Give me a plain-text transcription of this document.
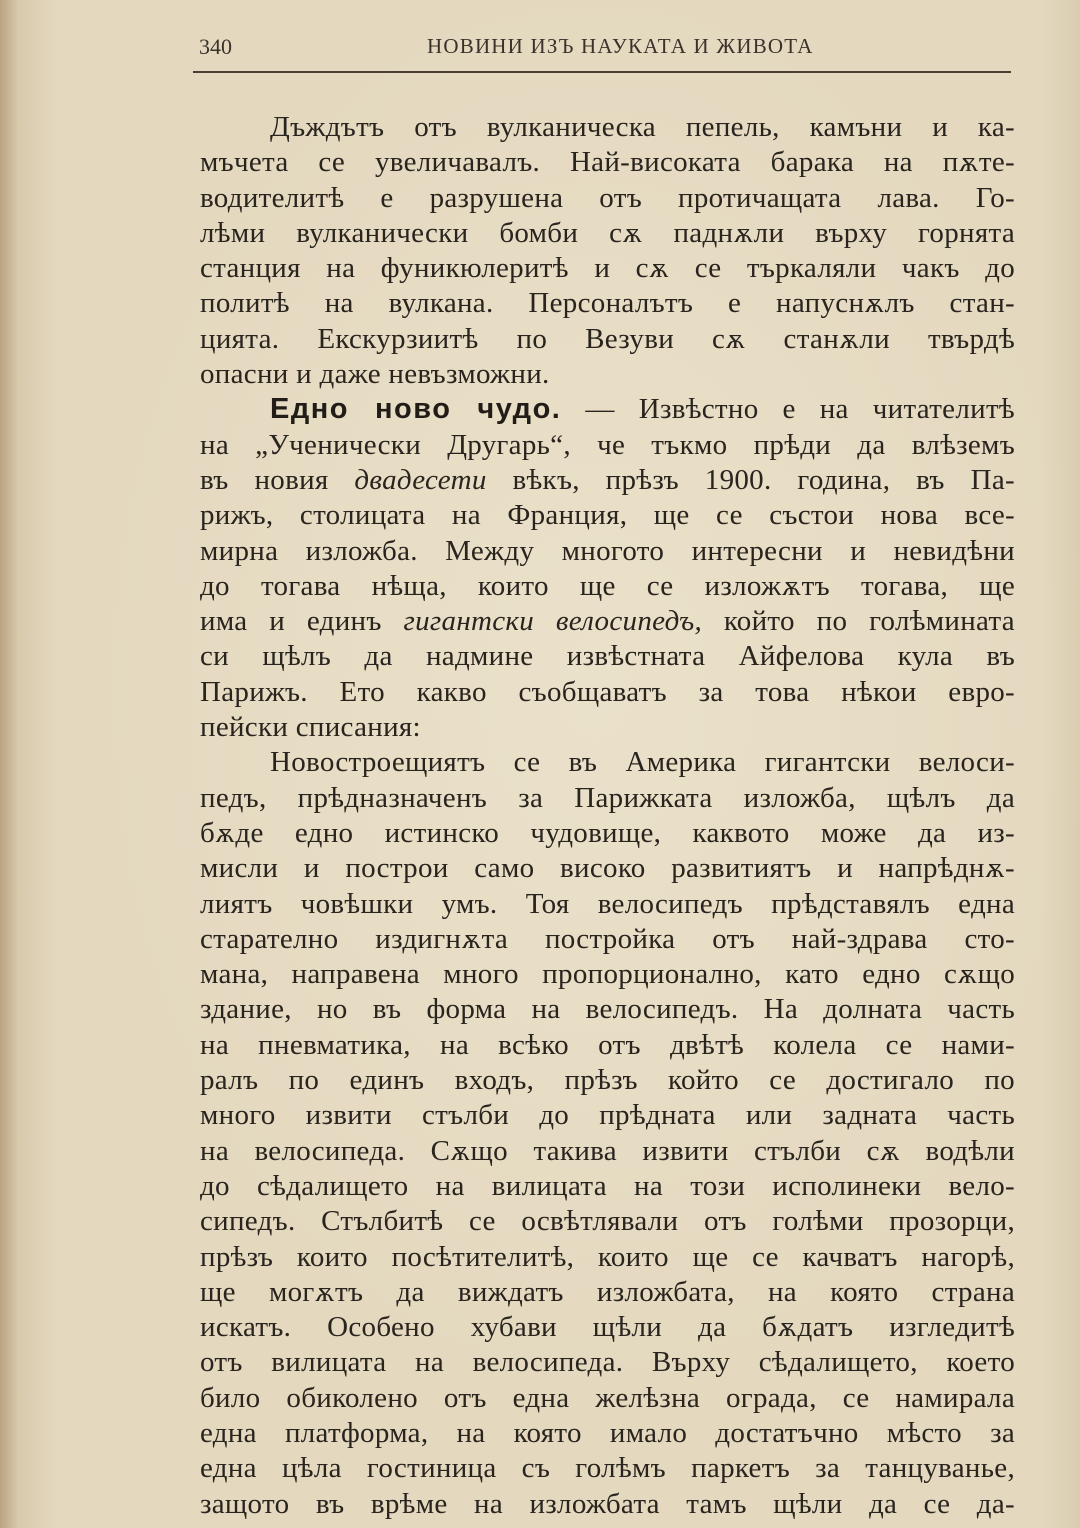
340	НОВИНИ ИЗЪ НАУКАТА И ЖИВОТА
Дъждътъ отъ вулканическа пепель, камъни и ка-
мъчета се увеличавалъ. Най-високата барака на пѫте-
водителитѣ е разрушена отъ протичащата лава. Го-
лѣми вулканически бомби сѫ паднѫли върху горнята
станция на фуникюлеритѣ и сѫ се търкаляли чакъ до
политѣ на вулкана. Персоналътъ е напуснѫлъ стан-
цията. Екскурзиитѣ по Везуви сѫ станѫли твърдѣ
опасни и даже невъзможни.
Едно ново чудо. — Извѣстно е на читателитѣ
на „Ученически Другарь“, че тъкмо прѣди да влѣземъ
въ новия двадесети вѣкъ, прѣзъ 1900. година, въ Па-
рижъ, столицата на Франция, ще се състои нова все-
мирна изложба. Между многото интересни и невидѣни
до тогава нѣща, които ще се изложѫтъ тогава, ще
има и единъ гигантски велосипедъ, който по голѣмината
си щѣлъ да надмине извѣстната Айфелова кула въ
Парижъ. Ето какво съобщаватъ за това нѣкои евро-
пейски списания:
Новостроещиятъ се въ Америка гигантски велоси-
педъ, прѣдназначенъ за Парижката изложба, щѣлъ да
бѫде едно истинско чудовище, каквото може да из-
мисли и построи само високо развитиятъ и напрѣднѫ-
лиятъ човѣшки умъ. Тоя велосипедъ прѣдставялъ една
старателно издигнѫта постройка отъ най-здрава сто-
мана, направена много пропорционално, като едно сѫщо
здание, но въ форма на велосипедъ. На долната часть
на пневматика, на всѣко отъ двѣтѣ колела се нами-
ралъ по единъ входъ, прѣзъ който се достигало по
много извити стълби до прѣдната или задната часть
на велосипеда. Сѫщо такива извити стълби сѫ водѣли
до сѣдалището на вилицата на този исполинеки вело-
сипедъ. Стълбитѣ се освѣтлявали отъ голѣми прозорци,
прѣзъ които посѣтителитѣ, които ще се качватъ нагорѣ,
ще могѫтъ да виждатъ изложбата, на която страна
искатъ. Особено хубави щѣли да бѫдатъ изгледитѣ
отъ вилицата на велосипеда. Върху сѣдалището, което
било обиколено отъ една желѣзна ограда, се намирала
една платформа, на която имало достатъчно мѣсто за
една цѣла гостиница съ голѣмъ паркетъ за танцуванье,
защото въ врѣме на изложбата тамъ щѣли да се да-
